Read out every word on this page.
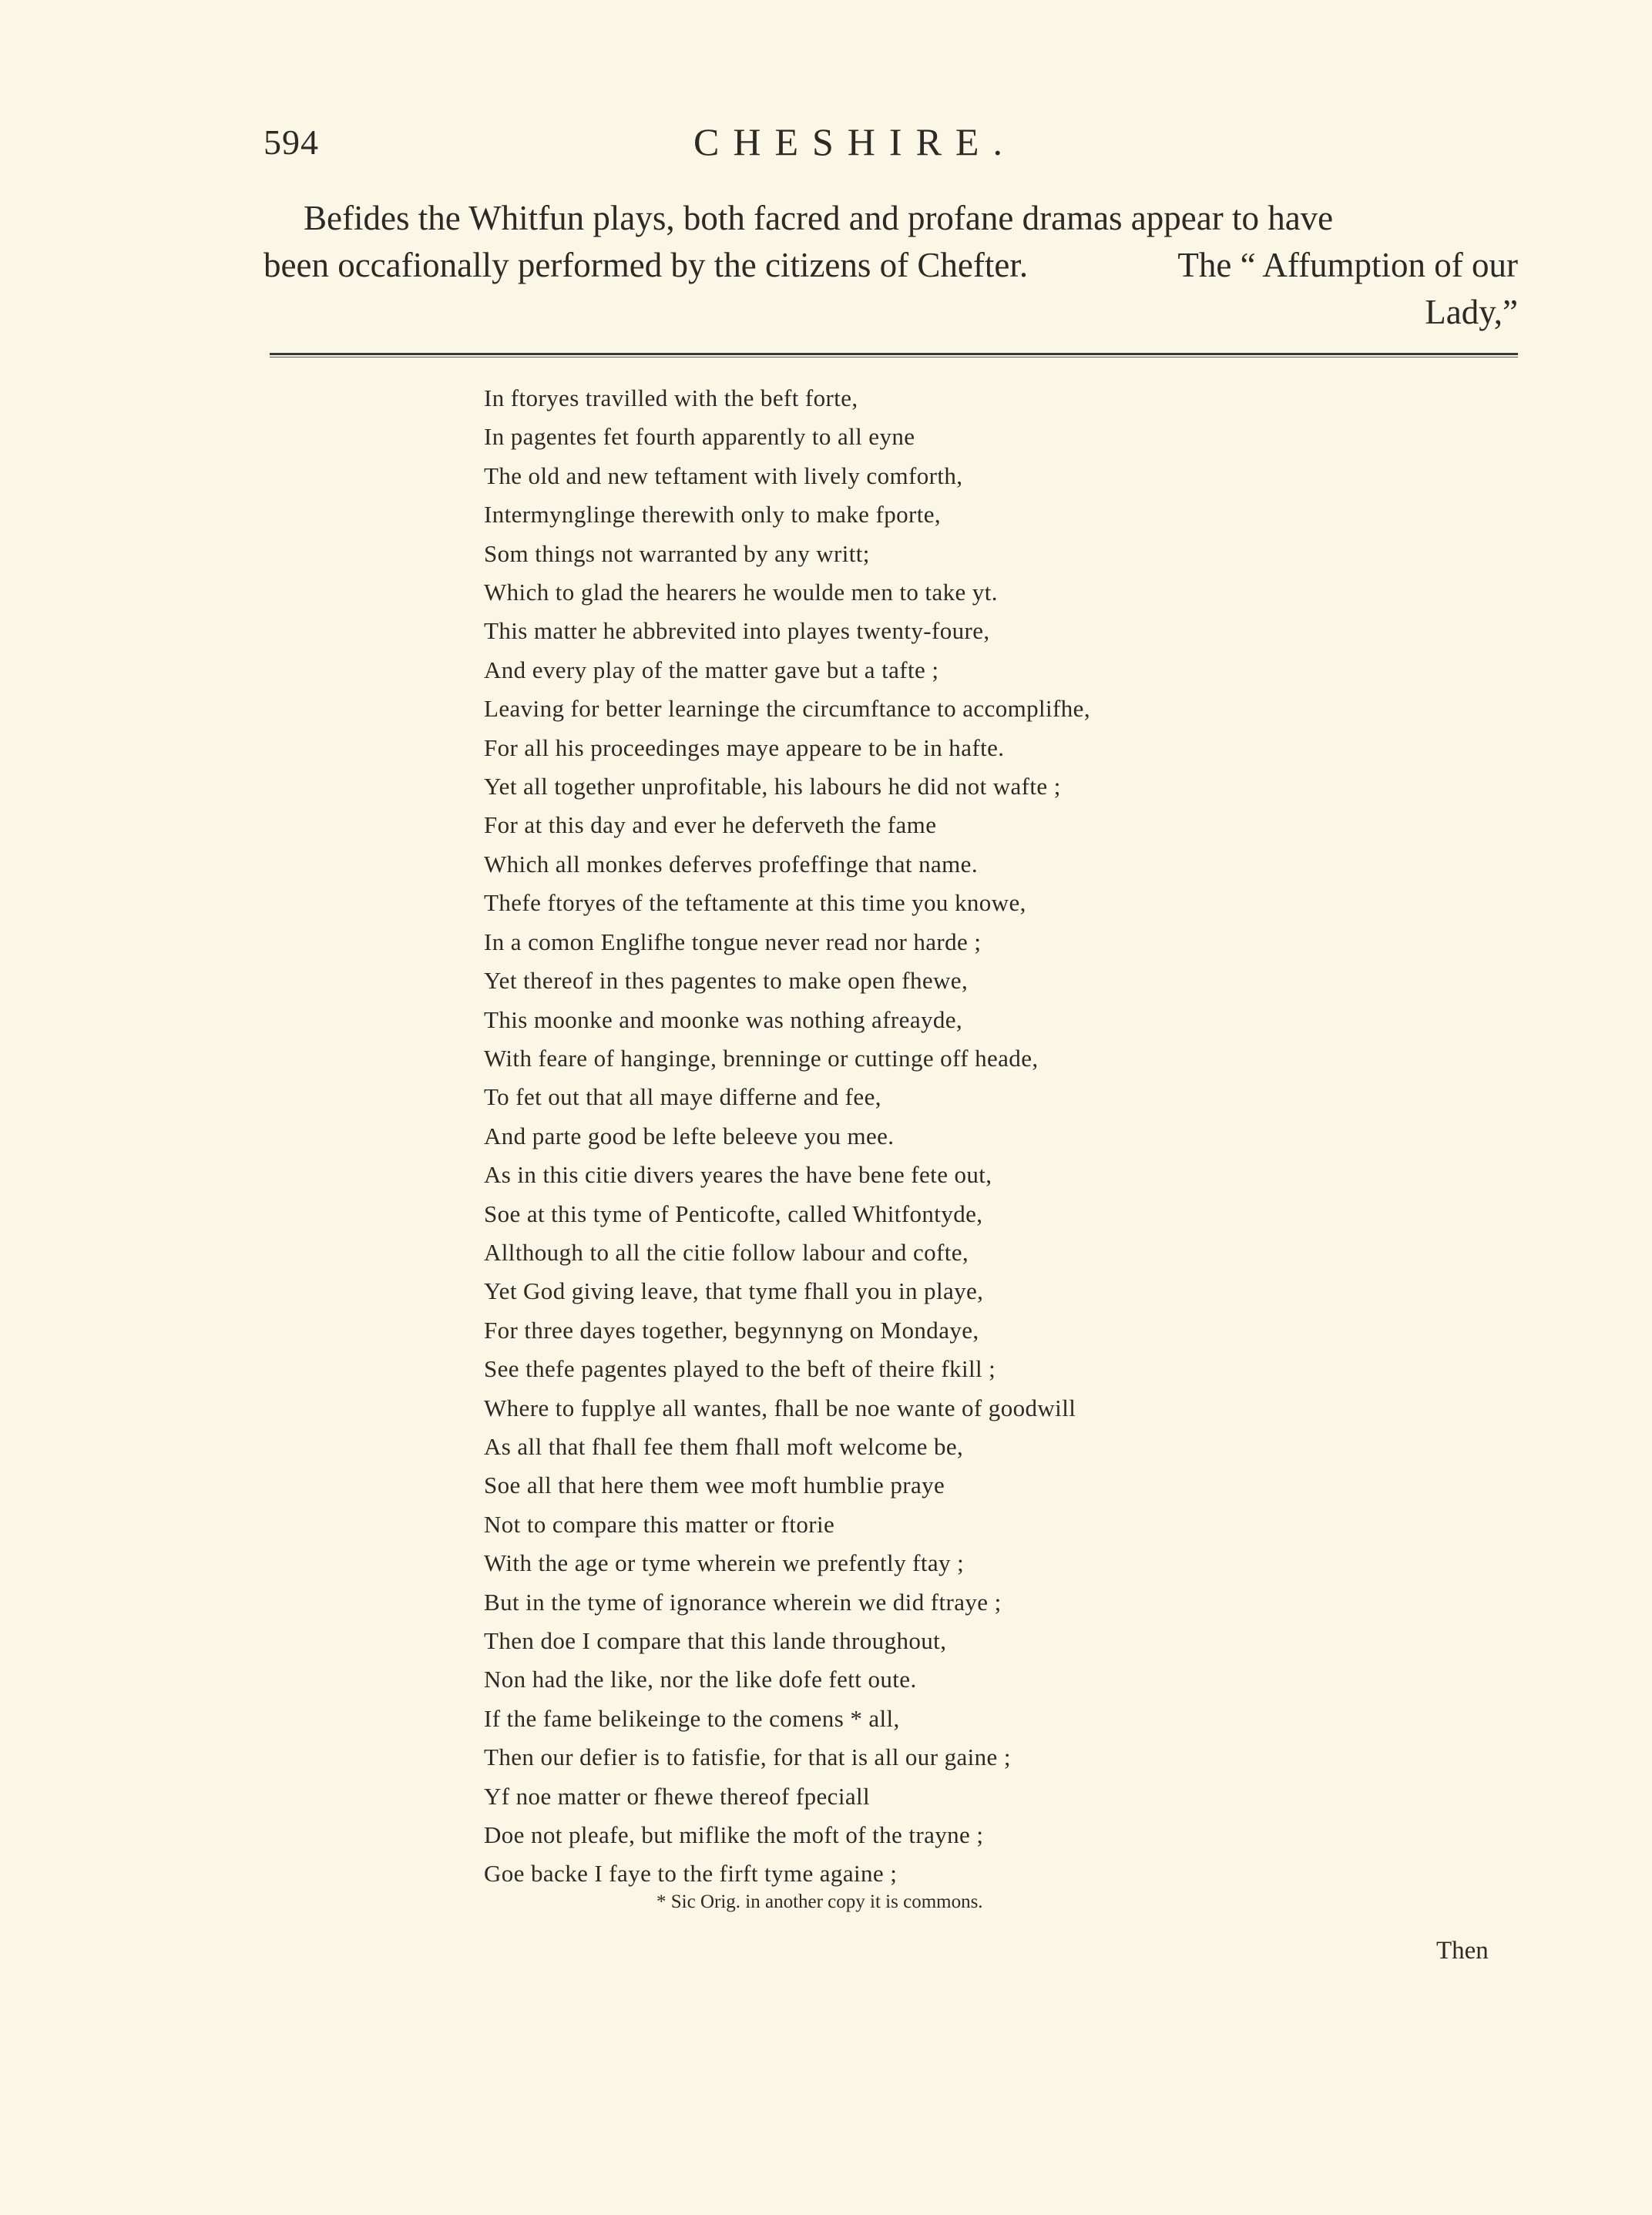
594	CHESHIRE.
Befides the Whitfun plays, both facred and profane dramas appear to have
been occafionally performed by the citizens of Chefter.	The “ Affumption of our
Lady,”
In ftoryes travilled with the beft forte,
In pagentes fet fourth apparently to all eyne
The old and new teftament with lively comforth,
Intermynglinge therewith only to make fporte,
Som things not warranted by any writt;
Which to glad the hearers he woulde men to take yt.
This matter he abbrevited into playes twenty-foure,
And every play of the matter gave but a tafte ;
Leaving for better learninge the circumftance to accomplifhe,
For all his proceedinges maye appeare to be in hafte.
Yet all together unprofitable, his labours he did not wafte ;
For at this day and ever he deferveth the fame
Which all monkes deferves profeffinge that name.
Thefe ftoryes of the teftamente at this time you knowe,
In a comon Englifhe tongue never read nor harde ;
Yet thereof in thes pagentes to make open fhewe,
This moonke and moonke was nothing afreayde,
With feare of hanginge, brenninge or cuttinge off heade,
To fet out that all maye differne and fee,
And parte good be lefte beleeve you mee.
As in this citie divers yeares the have bene fete out,
Soe at this tyme of Penticofte, called Whitfontyde,
Allthough to all the citie follow labour and cofte,
Yet God giving leave, that tyme fhall you in playe,
For three dayes together, begynnyng on Mondaye,
See thefe pagentes played to the beft of theire fkill ;
Where to fupplye all wantes, fhall be noe wante of goodwill
As all that fhall fee them fhall moft welcome be,
Soe all that here them wee moft humblie praye
Not to compare this matter or ftorie
With the age or tyme wherein we prefently ftay ;
But in the tyme of ignorance wherein we did ftraye ;
Then doe I compare that this lande throughout,
Non had the like, nor the like dofe fett oute.
If the fame belikeinge to the comens * all,
Then our defier is to fatisfie, for that is all our gaine ;
Yf noe matter or fhewe thereof fpeciall
Doe not pleafe, but miflike the moft of the trayne ;
Goe backe I faye to the firft tyme againe ;
* Sic Orig. in another copy it is commons.
Then
